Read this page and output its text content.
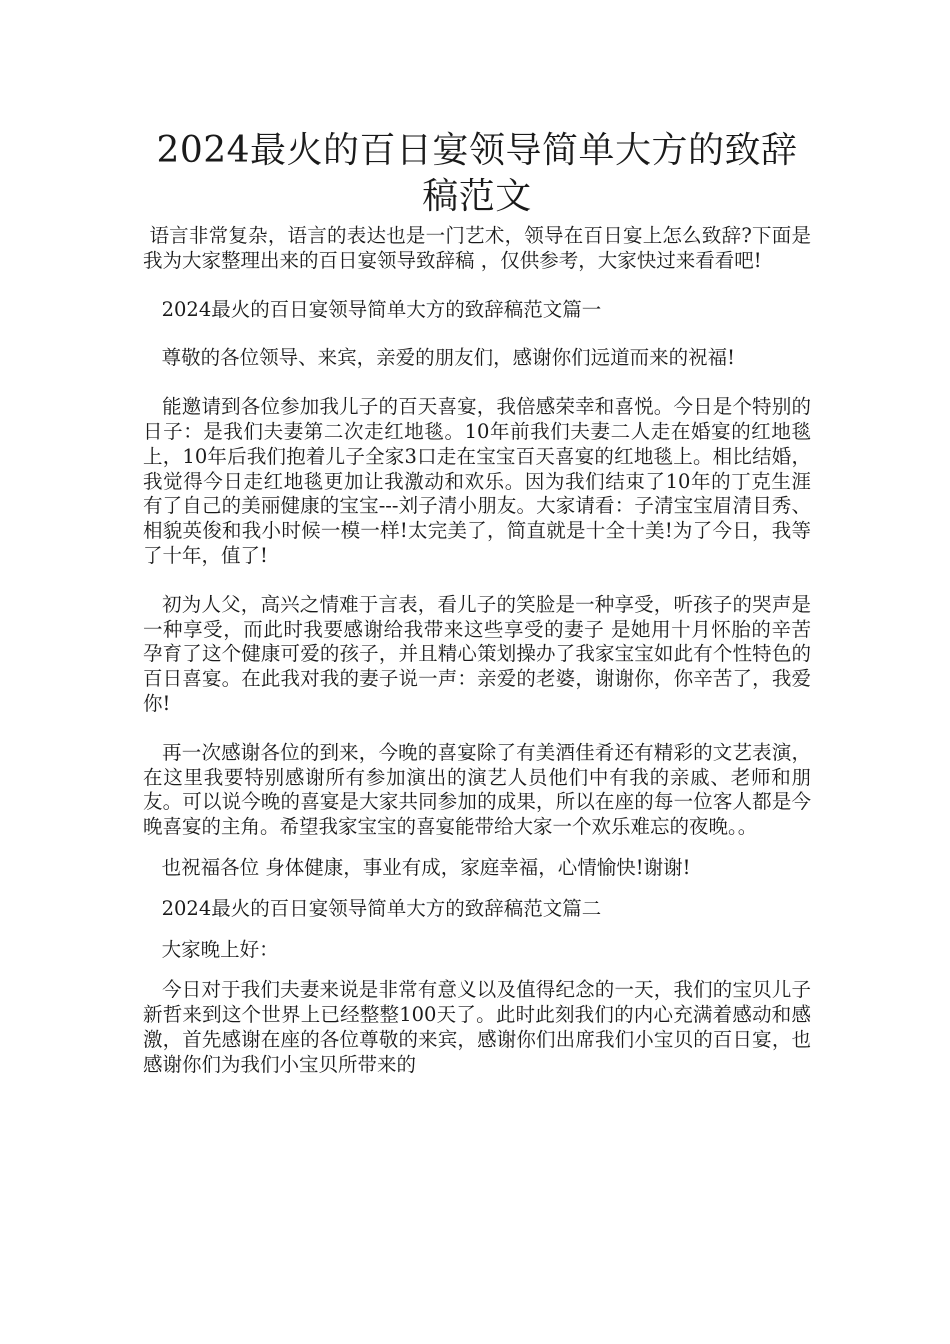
2024最火的百日宴领导简单大方的致辞稿范文

语言非常复杂，语言的表达也是一门艺术，领导在百日宴上怎么致辞?下面是我为大家整理出来的百日宴领导致辞稿 ，仅供参考，大家快过来看看吧!

2024最火的百日宴领导简单大方的致辞稿范文篇一

尊敬的各位领导、来宾，亲爱的朋友们，感谢你们远道而来的祝福!

能邀请到各位参加我儿子的百天喜宴，我倍感荣幸和喜悦。今日是个特别的日子：是我们夫妻第二次走红地毯。10年前我们夫妻二人走在婚宴的红地毯上，10年后我们抱着儿子全家3口走在宝宝百天喜宴的红地毯上。相比结婚，我觉得今日走红地毯更加让我激动和欢乐。因为我们结束了10年的丁克生涯有了自己的美丽健康的宝宝---刘子清小朋友。大家请看：子清宝宝眉清目秀、相貌英俊和我小时候一模一样!太完美了，简直就是十全十美!为了今日，我等了十年，值了!

初为人父，高兴之情难于言表，看儿子的笑脸是一种享受，听孩子的哭声是一种享受，而此时我要感谢给我带来这些享受的妻子 是她用十月怀胎的辛苦孕育了这个健康可爱的孩子，并且精心策划操办了我家宝宝如此有个性特色的百日喜宴。在此我对我的妻子说一声：亲爱的老婆，谢谢你，你辛苦了，我爱你!

再一次感谢各位的到来，今晚的喜宴除了有美酒佳肴还有精彩的文艺表演，在这里我要特别感谢所有参加演出的演艺人员他们中有我的亲戚、老师和朋友。可以说今晚的喜宴是大家共同参加的成果，所以在座的每一位客人都是今晚喜宴的主角。希望我家宝宝的喜宴能带给大家一个欢乐难忘的夜晚。。

也祝福各位 身体健康，事业有成，家庭幸福，心情愉快!谢谢!

2024最火的百日宴领导简单大方的致辞稿范文篇二

大家晚上好：

今日对于我们夫妻来说是非常有意义以及值得纪念的一天，我们的宝贝儿子新哲来到这个世界上已经整整100天了。此时此刻我们的内心充满着感动和感激，首先感谢在座的各位尊敬的来宾，感谢你们出席我们小宝贝的百日宴，也感谢你们为我们小宝贝所带来的
